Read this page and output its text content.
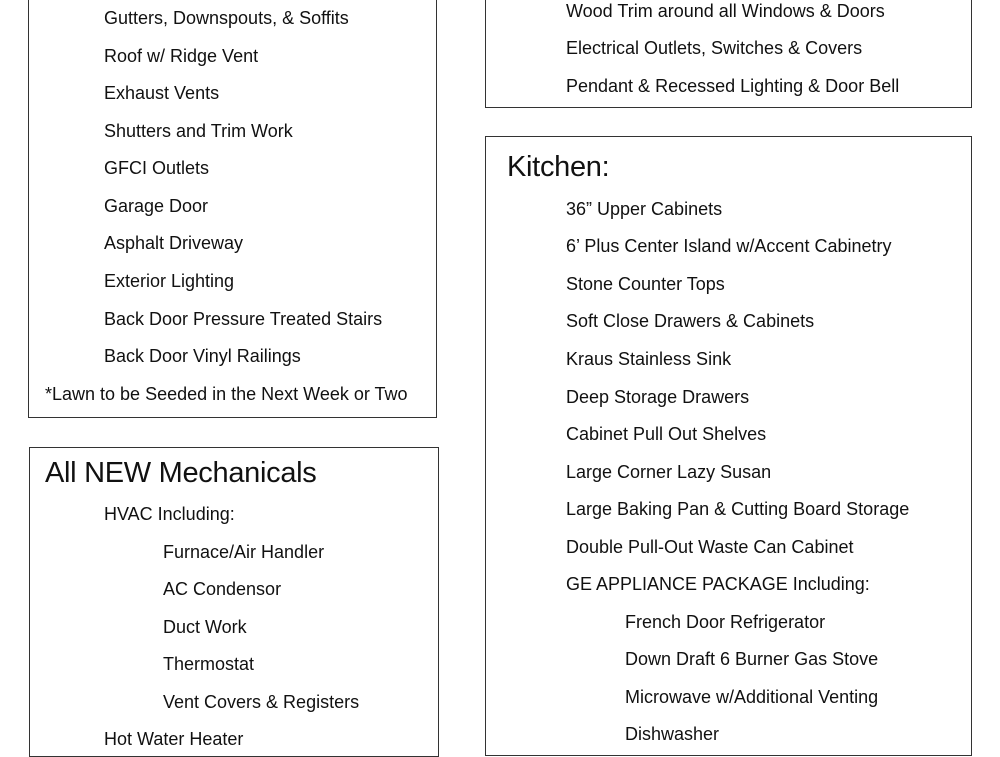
Gutters, Downspouts, & Soffits
Roof w/ Ridge Vent
Exhaust Vents
Shutters and Trim Work
GFCI Outlets
Garage Door
Asphalt Driveway
Exterior Lighting
Back Door Pressure Treated Stairs
Back Door Vinyl Railings
*Lawn to be Seeded in the Next Week or Two
All NEW Mechanicals
HVAC Including:
Furnace/Air Handler
AC Condensor
Duct Work
Thermostat
Vent Covers & Registers
Hot Water Heater
Wood Trim around all Windows & Doors
Electrical Outlets, Switches & Covers
Pendant & Recessed Lighting & Door Bell
Kitchen:
36” Upper Cabinets
6’ Plus Center Island w/Accent Cabinetry
Stone Counter Tops
Soft Close Drawers & Cabinets
Kraus Stainless Sink
Deep Storage Drawers
Cabinet Pull Out Shelves
Large Corner Lazy Susan
Large Baking Pan & Cutting Board Storage
Double Pull-Out Waste Can Cabinet
GE APPLIANCE PACKAGE Including:
French Door Refrigerator
Down Draft 6 Burner Gas Stove
Microwave w/Additional Venting
Dishwasher
